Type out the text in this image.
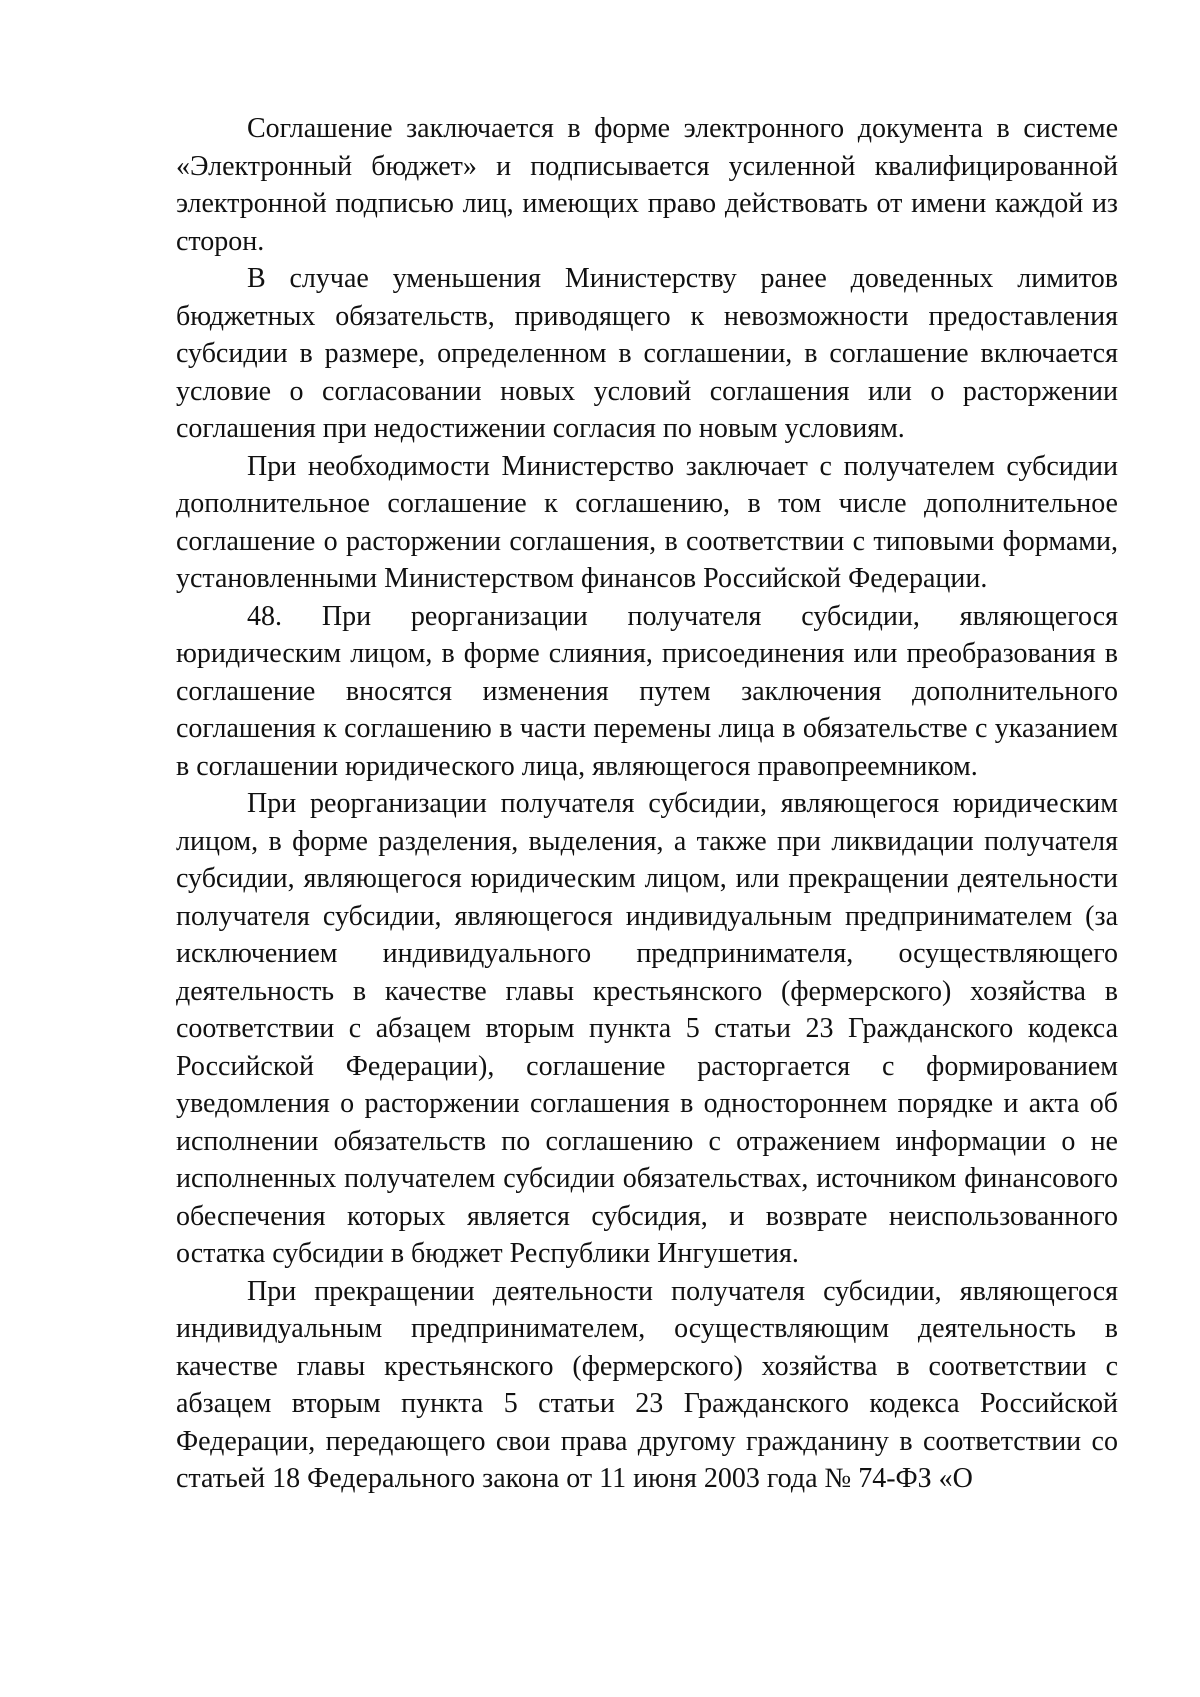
Соглашение заключается в форме электронного документа в системе «Электронный бюджет» и подписывается усиленной квалифицированной электронной подписью лиц, имеющих право действовать от имени каждой из сторон.

В случае уменьшения Министерству ранее доведенных лимитов бюджетных обязательств, приводящего к невозможности предоставления субсидии в размере, определенном в соглашении, в соглашение включается условие о согласовании новых условий соглашения или о расторжении соглашения при недостижении согласия по новым условиям.

При необходимости Министерство заключает с получателем субсидии дополнительное соглашение к соглашению, в том числе дополнительное соглашение о расторжении соглашения, в соответствии с типовыми формами, установленными Министерством финансов Российской Федерации.

48. При реорганизации получателя субсидии, являющегося юридическим лицом, в форме слияния, присоединения или преобразования в соглашение вносятся изменения путем заключения дополнительного соглашения к соглашению в части перемены лица в обязательстве с указанием в соглашении юридического лица, являющегося правопреемником.

При реорганизации получателя субсидии, являющегося юридическим лицом, в форме разделения, выделения, а также при ликвидации получателя субсидии, являющегося юридическим лицом, или прекращении деятельности получателя субсидии, являющегося индивидуальным предпринимателем (за исключением индивидуального предпринимателя, осуществляющего деятельность в качестве главы крестьянского (фермерского) хозяйства в соответствии с абзацем вторым пункта 5 статьи 23 Гражданского кодекса Российской Федерации), соглашение расторгается с формированием уведомления о расторжении соглашения в одностороннем порядке и акта об исполнении обязательств по соглашению с отражением информации о не исполненных получателем субсидии обязательствах, источником финансового обеспечения которых является субсидия, и возврате неиспользованного остатка субсидии в бюджет Республики Ингушетия.

При прекращении деятельности получателя субсидии, являющегося индивидуальным предпринимателем, осуществляющим деятельность в качестве главы крестьянского (фермерского) хозяйства в соответствии с абзацем вторым пункта 5 статьи 23 Гражданского кодекса Российской Федерации, передающего свои права другому гражданину в соответствии со статьей 18 Федерального закона от 11 июня 2003 года № 74-ФЗ «О
